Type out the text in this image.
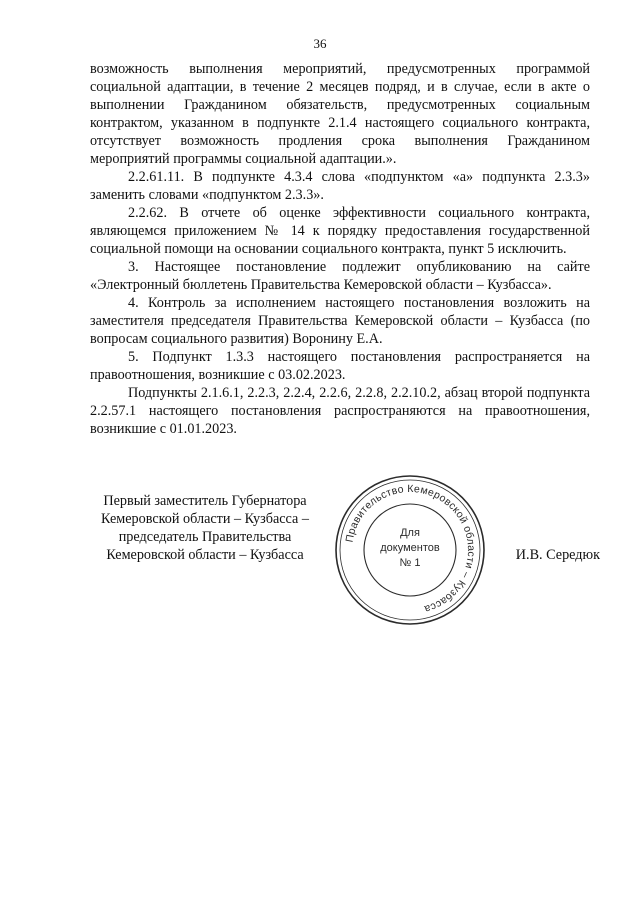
36

возможность выполнения мероприятий, предусмотренных программой социальной адаптации, в течение 2 месяцев подряд, и в случае, если в акте о выполнении Гражданином обязательств, предусмотренных социальным контрактом, указанном в подпункте 2.1.4 настоящего социального контракта, отсутствует возможность продления срока выполнения Гражданином мероприятий программы социальной адаптации.».

2.2.61.11. В подпункте 4.3.4 слова «подпунктом «а» подпункта 2.3.3» заменить словами «подпунктом 2.3.3».

2.2.62. В отчете об оценке эффективности социального контракта, являющемся приложением № 14 к порядку предоставления государственной социальной помощи на основании социального контракта, пункт 5 исключить.

3. Настоящее постановление подлежит опубликованию на сайте «Электронный бюллетень Правительства Кемеровской области – Кузбасса».

4. Контроль за исполнением настоящего постановления возложить на заместителя председателя Правительства Кемеровской области – Кузбасса (по вопросам социального развития) Воронину Е.А.

5. Подпункт 1.3.3 настоящего постановления распространяется на правоотношения, возникшие с 03.02.2023.

Подпункты 2.1.6.1, 2.2.3, 2.2.4, 2.2.6, 2.2.8, 2.2.10.2, абзац второй подпункта 2.2.57.1 настоящего постановления распространяются на правоотношения, возникшие с 01.01.2023.

Первый заместитель Губернатора
Кемеровской области – Кузбасса –
председатель Правительства
Кемеровской области – Кузбасса
Правительство Кемеровской области – Кузбасса
Для
документов
№ 1	И.В. Середюк
